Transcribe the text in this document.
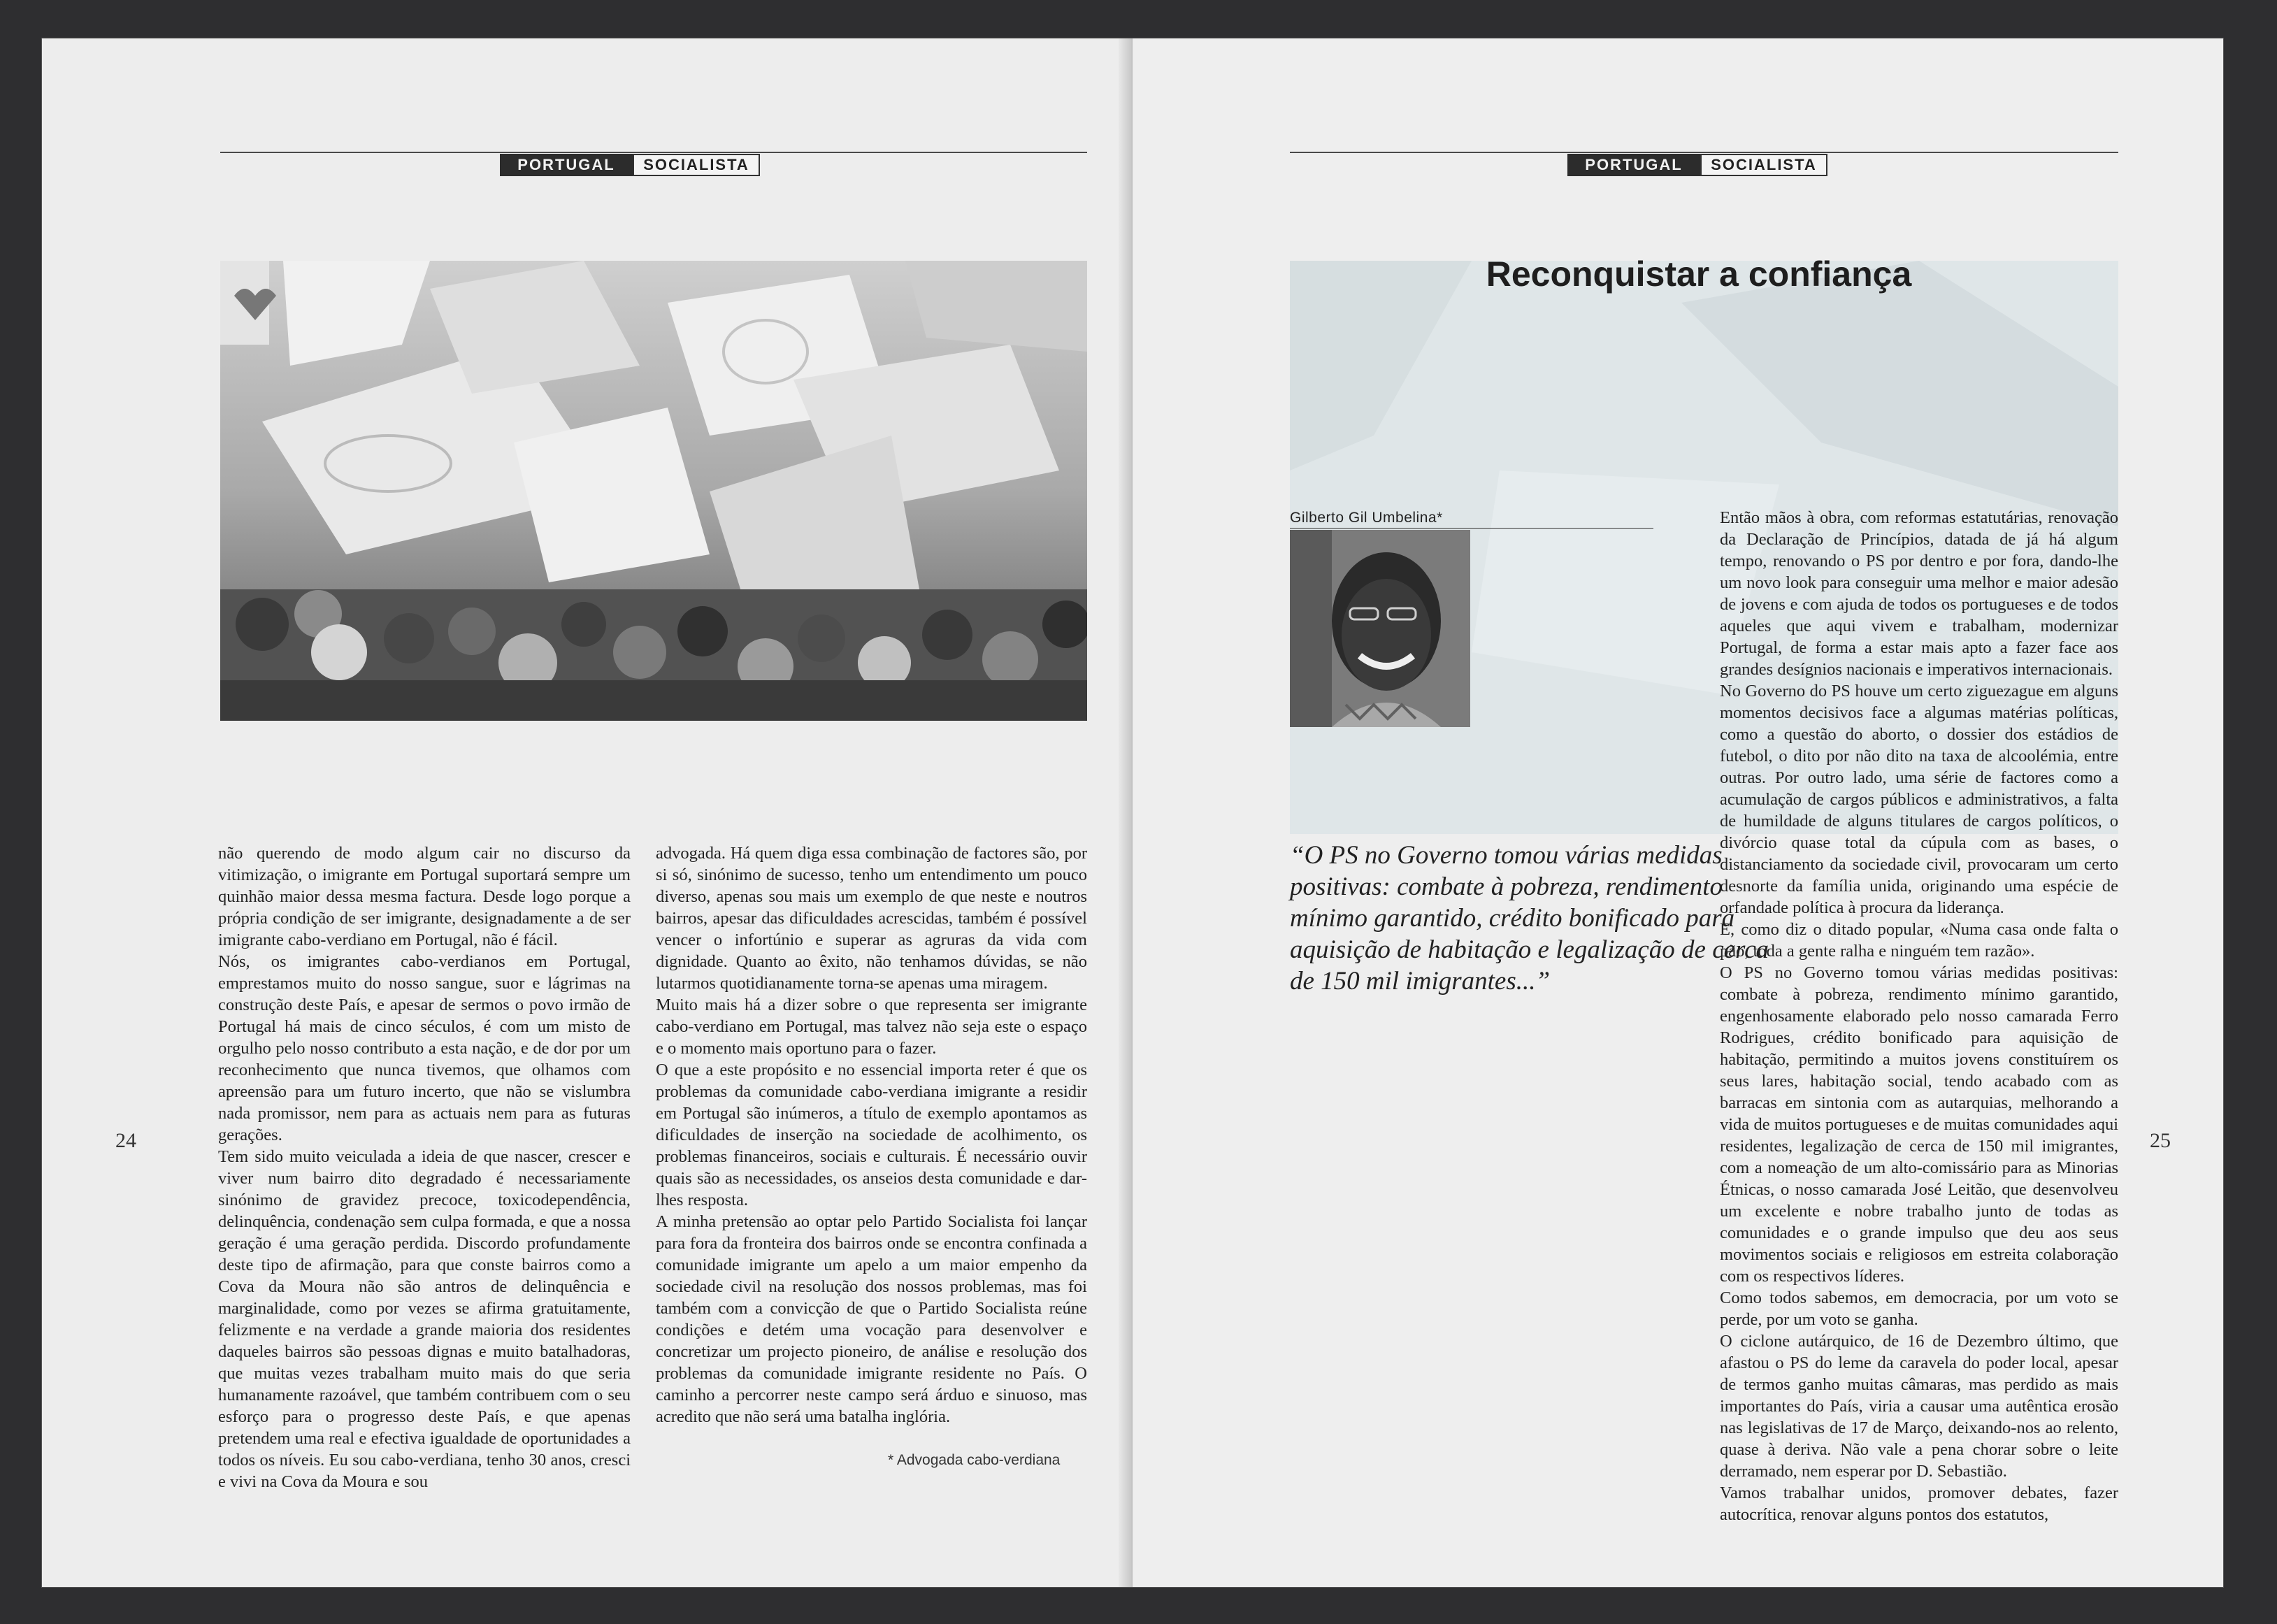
PORTUGAL	SOCIALISTA

não querendo de modo algum cair no discurso da vitimização, o imigrante em Portugal suportará sempre um quinhão maior dessa mesma factura. Desde logo porque a própria condição de ser imigrante, designadamente a de ser imigrante cabo-verdiano em Portugal, não é fácil.

Nós, os imigrantes cabo-verdianos em Portugal, emprestamos muito do nosso sangue, suor e lágrimas na construção deste País, e apesar de sermos o povo irmão de Portugal há mais de cinco séculos, é com um misto de orgulho pelo nosso contributo a esta nação, e de dor por um reconhecimento que nunca tivemos, que olhamos com apreensão para um futuro incerto, que não se vislumbra nada promissor, nem para as actuais nem para as futuras gerações.

Tem sido muito veiculada a ideia de que nascer, crescer e viver num bairro dito degradado é necessariamente sinónimo de gravidez precoce, toxicodependência, delinquência, condenação sem culpa formada, e que a nossa geração é uma geração perdida. Discordo profundamente deste tipo de afirmação, para que conste bairros como a Cova da Moura não são antros de delinquência e marginalidade, como por vezes se afirma gratuitamente, felizmente e na verdade a grande maioria dos residentes daqueles bairros são pessoas dignas e muito batalhadoras, que muitas vezes trabalham muito mais do que seria humanamente razoável, que também contribuem com o seu esforço para o progresso deste País, e que apenas pretendem uma real e efectiva igualdade de oportunidades a todos os níveis. Eu sou cabo-verdiana, tenho 30 anos, cresci e vivi na Cova da Moura e sou

advogada. Há quem diga essa combinação de factores são, por si só, sinónimo de sucesso, tenho um entendimento um pouco diverso, apenas sou mais um exemplo de que neste e noutros bairros, apesar das dificuldades acrescidas, também é possível vencer o infortúnio e superar as agruras da vida com dignidade. Quanto ao êxito, não tenhamos dúvidas, se não lutarmos quotidianamente torna-se apenas uma miragem.

Muito mais há a dizer sobre o que representa ser imigrante cabo-verdiano em Portugal, mas talvez não seja este o espaço e o momento mais oportuno para o fazer.

O que a este propósito e no essencial importa reter é que os problemas da comunidade cabo-verdiana imigrante a residir em Portugal são inúmeros, a título de exemplo apontamos as dificuldades de inserção na sociedade de acolhimento, os problemas financeiros, sociais e culturais. É necessário ouvir quais são as necessidades, os anseios desta comunidade e dar-lhes resposta.

A minha pretensão ao optar pelo Partido Socialista foi lançar para fora da fronteira dos bairros onde se encontra confinada a comunidade imigrante um apelo a um maior empenho da sociedade civil na resolução dos nossos problemas, mas foi também com a convicção de que o Partido Socialista reúne condições e detém uma vocação para desenvolver e concretizar um projecto pioneiro, de análise e resolução dos problemas da comunidade imigrante residente no País. O caminho a percorrer neste campo será árduo e sinuoso, mas acredito que não será uma batalha inglória.

* Advogada cabo-verdiana
24
PORTUGAL	SOCIALISTA
Reconquistar a confiança
Gilberto Gil Umbelina*
“O PS no Governo tomou várias medidas positivas: combate à pobreza, rendimento mínimo garantido, crédito bonificado para aquisição de habitação e legalização de cerca de 150 mil imigrantes...”

Então mãos à obra, com reformas estatutárias, renovação da Declaração de Princípios, datada de já há algum tempo, renovando o PS por dentro e por fora, dando-lhe um novo look para conseguir uma melhor e maior adesão de jovens e com ajuda de todos os portugueses e de todos aqueles que aqui vivem e trabalham, modernizar Portugal, de forma a estar mais apto a fazer face aos grandes desígnios nacionais e imperativos internacionais.

No Governo do PS houve um certo ziguezague em alguns momentos decisivos face a algumas matérias políticas, como a questão do aborto, o dossier dos estádios de futebol, o dito por não dito na taxa de alcoolémia, entre outras. Por outro lado, uma série de factores como a acumulação de cargos públicos e administrativos, a falta de humildade de alguns titulares de cargos políticos, o divórcio quase total da cúpula com as bases, o distanciamento da sociedade civil, provocaram um certo desnorte da família unida, originando uma espécie de orfandade política à procura da liderança.

E, como diz o ditado popular, «Numa casa onde falta o pão, toda a gente ralha e ninguém tem razão».

O PS no Governo tomou várias medidas positivas: combate à pobreza, rendimento mínimo garantido, engenhosamente elaborado pelo nosso camarada Ferro Rodrigues, crédito bonificado para aquisição de habitação, permitindo a muitos jovens constituírem os seus lares, habitação social, tendo acabado com as barracas em sintonia com as autarquias, melhorando a vida de muitos portugueses e de muitas comunidades aqui residentes, legalização de cerca de 150 mil imigrantes, com a nomeação de um alto-comissário para as Minorias Étnicas, o nosso camarada José Leitão, que desenvolveu um excelente e nobre trabalho junto de todas as comunidades e o grande impulso que deu aos seus movimentos sociais e religiosos em estreita colaboração com os respectivos líderes.

Como todos sabemos, em democracia, por um voto se perde, por um voto se ganha.

O ciclone autárquico, de 16 de Dezembro último, que afastou o PS do leme da caravela do poder local, apesar de termos ganho muitas câmaras, mas perdido as mais importantes do País, viria a causar uma autêntica erosão nas legislativas de 17 de Março, deixando-nos ao relento, quase à deriva. Não vale a pena chorar sobre o leite derramado, nem esperar por D. Sebastião.

Vamos trabalhar unidos, promover debates, fazer autocrítica, renovar alguns pontos dos estatutos,

25
